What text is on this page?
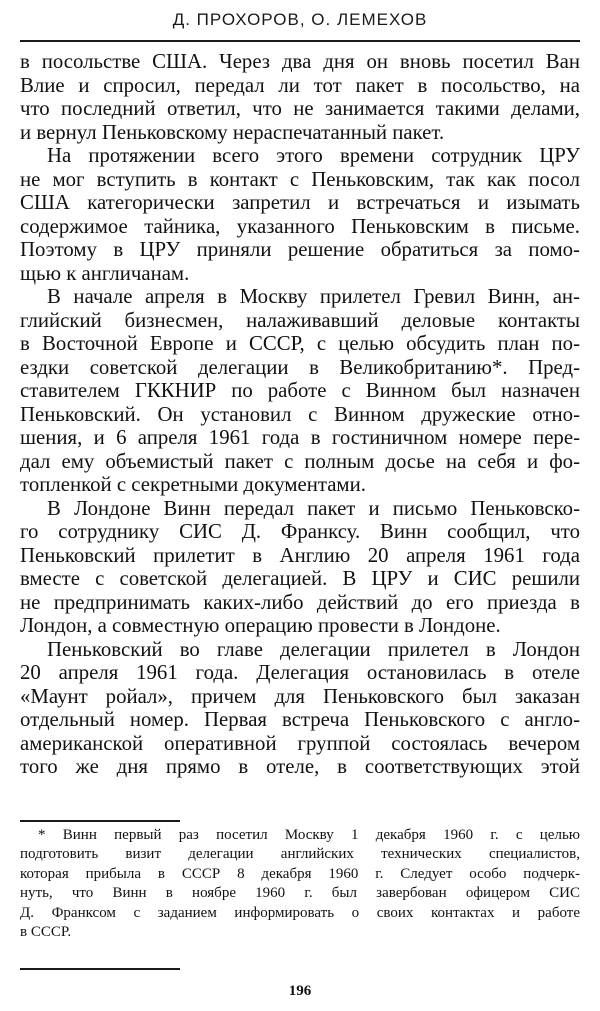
Д. ПРОХОРОВ, О. ЛЕМЕХОВ
в посольстве США. Через два дня он вновь посетил Ван
Влие и спросил, передал ли тот пакет в посольство, на
что последний ответил, что не занимается такими делами,
и вернул Пеньковскому нераспечатанный пакет.
На протяжении всего этого времени сотрудник ЦРУ
не мог вступить в контакт с Пеньковским, так как посол
США категорически запретил и встречаться и изымать
содержимое тайника, указанного Пеньковским в письме.
Поэтому в ЦРУ приняли решение обратиться за помо-
щью к англичанам.
В начале апреля в Москву прилетел Гревил Винн, ан-
глийский бизнесмен, налаживавший деловые контакты
в Восточной Европе и СССР, с целью обсудить план по-
ездки советской делегации в Великобританию*. Пред-
ставителем ГККНИР по работе с Винном был назначен
Пеньковский. Он установил с Винном дружеские отно-
шения, и 6 апреля 1961 года в гостиничном номере пере-
дал ему объемистый пакет с полным досье на себя и фо-
топленкой с секретными документами.
В Лондоне Винн передал пакет и письмо Пеньковско-
го сотруднику СИС Д. Франксу. Винн сообщил, что
Пеньковский прилетит в Англию 20 апреля 1961 года
вместе с советской делегацией. В ЦРУ и СИС решили
не предпринимать каких-либо действий до его приезда в
Лондон, а совместную операцию провести в Лондоне.
Пеньковский во главе делегации прилетел в Лондон
20 апреля 1961 года. Делегация остановилась в отеле
«Маунт ройал», причем для Пеньковского был заказан
отдельный номер. Первая встреча Пеньковского с англо-
американской оперативной группой состоялась вечером
того же дня прямо в отеле, в соответствующих этой
* Винн первый раз посетил Москву 1 декабря 1960 г. с целью
подготовить визит делегации английских технических специалистов,
которая прибыла в СССР 8 декабря 1960 г. Следует особо подчерк-
нуть, что Винн в ноябре 1960 г. был завербован офицером СИС
Д. Франксом с заданием информировать о своих контактах и работе
в СССР.
196
